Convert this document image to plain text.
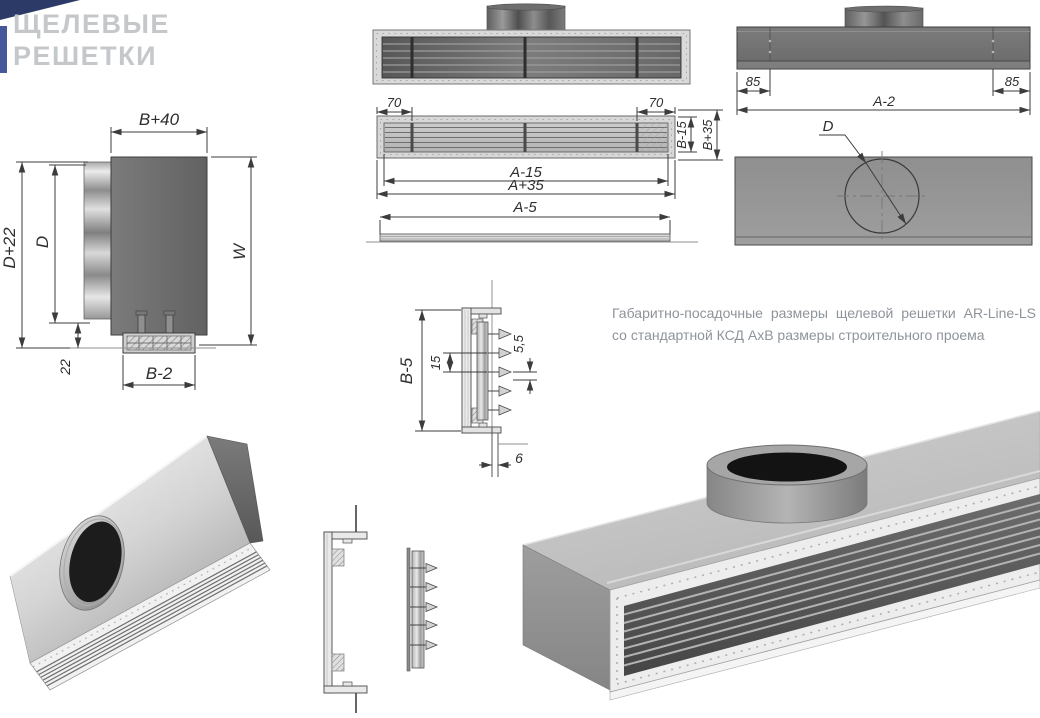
ЩЕЛЕВЫЕ
РЕШЕТКИ
B+40
D+22 D
W
22	B-2
70	70
B-15 B+35
A-15
A+35
A-5
85	85
A-2
D
B-5 15
5,5
6
Габаритно-посадочные размеры щелевой решетки AR-Line-LS
со стандартной КСД АхВ размеры строительного проема
